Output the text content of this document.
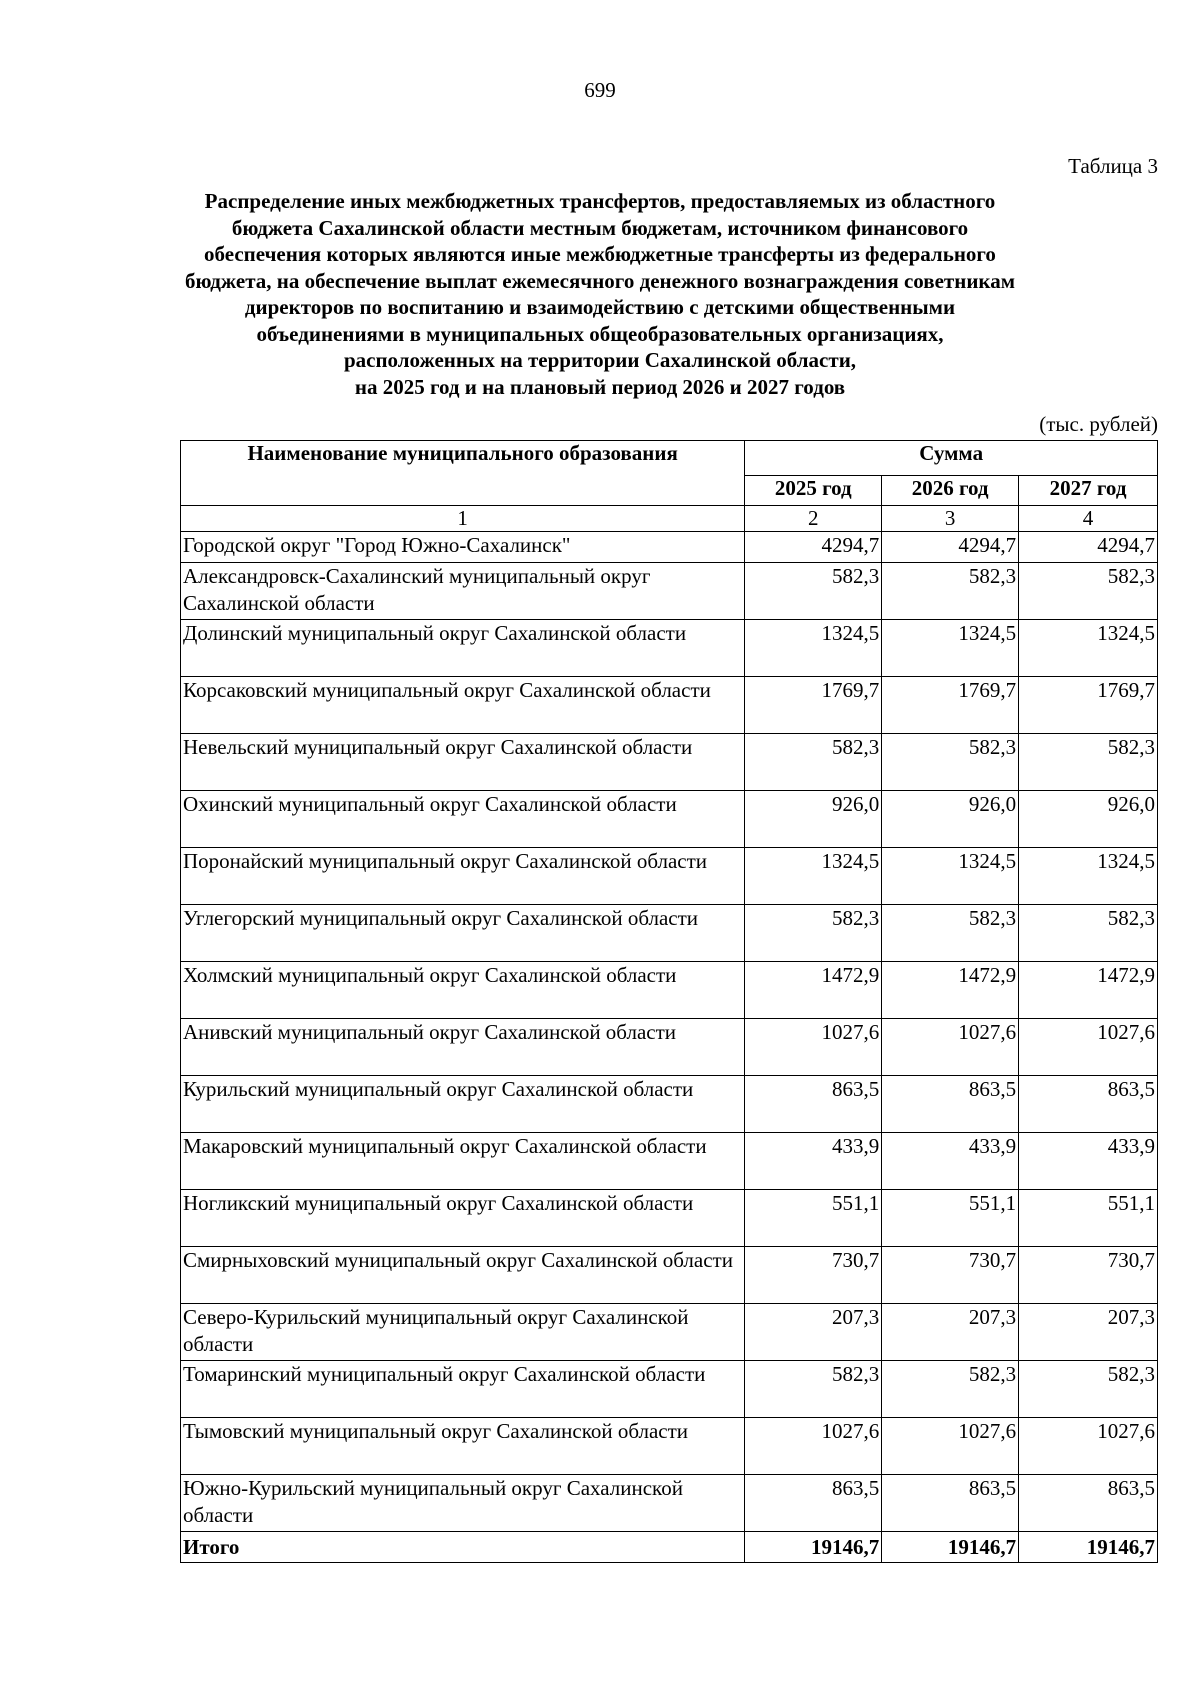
699
Таблица 3
Распределение иных межбюджетных трансфертов, предоставляемых из областного
бюджета Сахалинской области местным бюджетам, источником финансового
обеспечения которых являются иные межбюджетные трансферты из федерального
бюджета, на обеспечение выплат ежемесячного денежного вознаграждения советникам
директоров по воспитанию и взаимодействию с детскими общественными
объединениями в муниципальных общеобразовательных организациях,
расположенных на территории Сахалинской области,
на 2025 год и на плановый период 2026 и 2027 годов
(тыс. рублей)
Наименование муниципального образования	Сумма		
	2025 год	2026 год	2027 год
1	2	3	4
Городской округ "Город Южно-Сахалинск"	4294,7	4294,7	4294,7
Александровск-Сахалинский муниципальный округ Сахалинской области	582,3	582,3	582,3
Долинский муниципальный округ Сахалинской области	1324,5	1324,5	1324,5
Корсаковский муниципальный округ Сахалинской области	1769,7	1769,7	1769,7
Невельский муниципальный округ Сахалинской области	582,3	582,3	582,3
Охинский муниципальный округ Сахалинской области	926,0	926,0	926,0
Поронайский муниципальный округ Сахалинской области	1324,5	1324,5	1324,5
Углегорский муниципальный округ Сахалинской области	582,3	582,3	582,3
Холмский муниципальный округ Сахалинской области	1472,9	1472,9	1472,9
Анивский муниципальный округ Сахалинской области	1027,6	1027,6	1027,6
Курильский муниципальный округ Сахалинской области	863,5	863,5	863,5
Макаровский муниципальный округ Сахалинской области	433,9	433,9	433,9
Ногликский муниципальный округ Сахалинской области	551,1	551,1	551,1
Смирныховский муниципальный округ Сахалинской области	730,7	730,7	730,7
Северо-Курильский муниципальный округ Сахалинской области	207,3	207,3	207,3
Томаринский муниципальный округ Сахалинской области	582,3	582,3	582,3
Тымовский муниципальный округ Сахалинской области	1027,6	1027,6	1027,6
Южно-Курильский муниципальный округ Сахалинской области	863,5	863,5	863,5
Итого	19146,7	19146,7	19146,7
